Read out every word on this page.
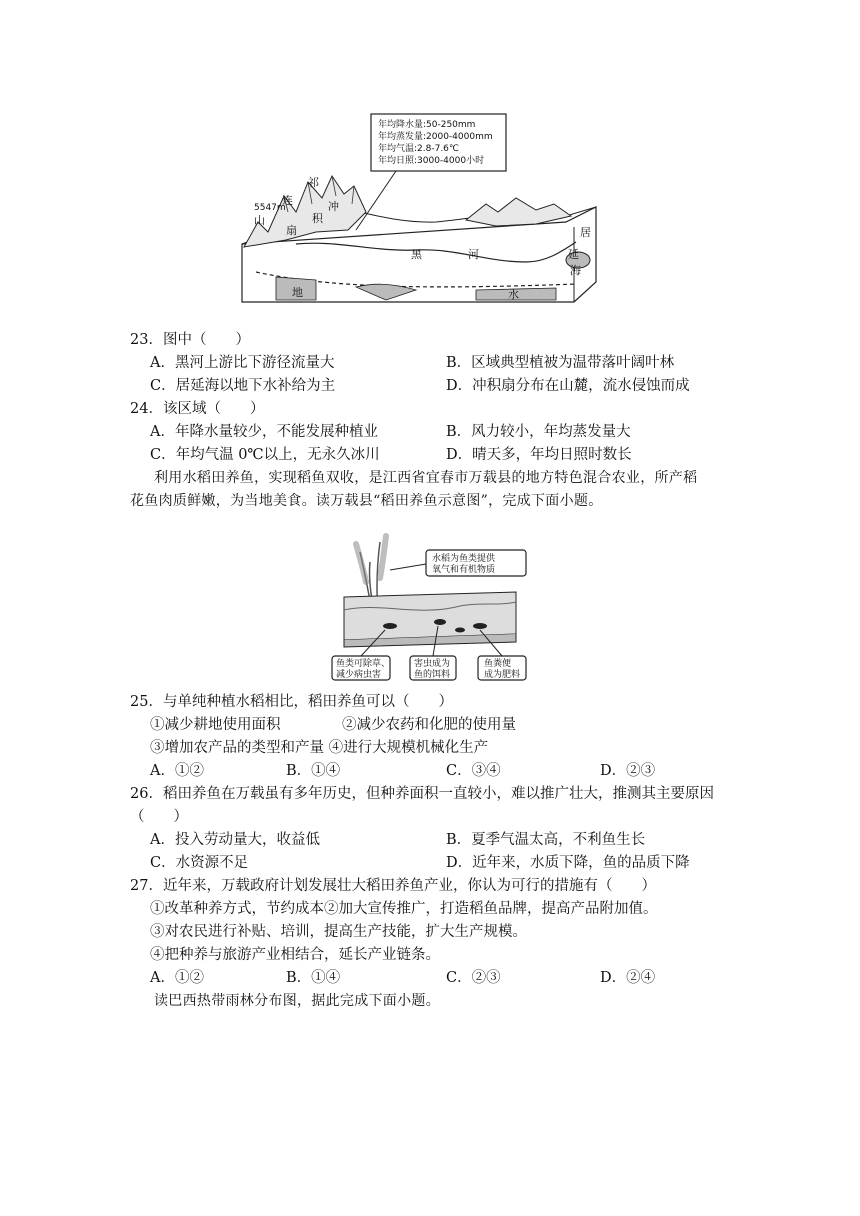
年均降水量:50-250mm
年均蒸发量:2000-4000mm
年均气温:2.8-7.6℃
年均日照:3000-4000小时
祁
连	冲
积
扇
5547m
山
黑	河
居
延
海
地	水
23．图中（　　）
A．黑河上游比下游径流量大	B．区域典型植被为温带落叶阔叶林
C．居延海以地下水补给为主	D．冲积扇分布在山麓，流水侵蚀而成
24．该区域（　　）
A．年降水量较少，不能发展种植业	B．风力较小，年均蒸发量大
C．年均气温 0℃以上，无永久冰川	D．晴天多，年均日照时数长
利用水稻田养鱼，实现稻鱼双收，是江西省宜春市万载县的地方特色混合农业，所产稻
花鱼肉质鲜嫩，为当地美食。读万载县“稻田养鱼示意图”，完成下面小题。
水稻为鱼类提供
氧气和有机物质
鱼类可除草、
减少病虫害
害虫成为
鱼的饵料
鱼粪便
成为肥料
25．与单纯种植水稻相比，稻田养鱼可以（　　）
①减少耕地使用面积	②减少农药和化肥的使用量
③增加农产品的类型和产量 ④进行大规模机械化生产
A．①②	B．①④	C．③④	D．②③
26．稻田养鱼在万载虽有多年历史，但种养面积一直较小，难以推广壮大，推测其主要原因
（　　）
A．投入劳动量大，收益低	B．夏季气温太高，不利鱼生长
C．水资源不足	D．近年来，水质下降，鱼的品质下降
27．近年来，万载政府计划发展壮大稻田养鱼产业，你认为可行的措施有（　　）
①改革种养方式，节约成本②加大宣传推广，打造稻鱼品牌，提高产品附加值。
③对农民进行补贴、培训，提高生产技能，扩大生产规模。
④把种养与旅游产业相结合，延长产业链条。
A．①②	B．①④	C．②③	D．②④
读巴西热带雨林分布图，据此完成下面小题。
